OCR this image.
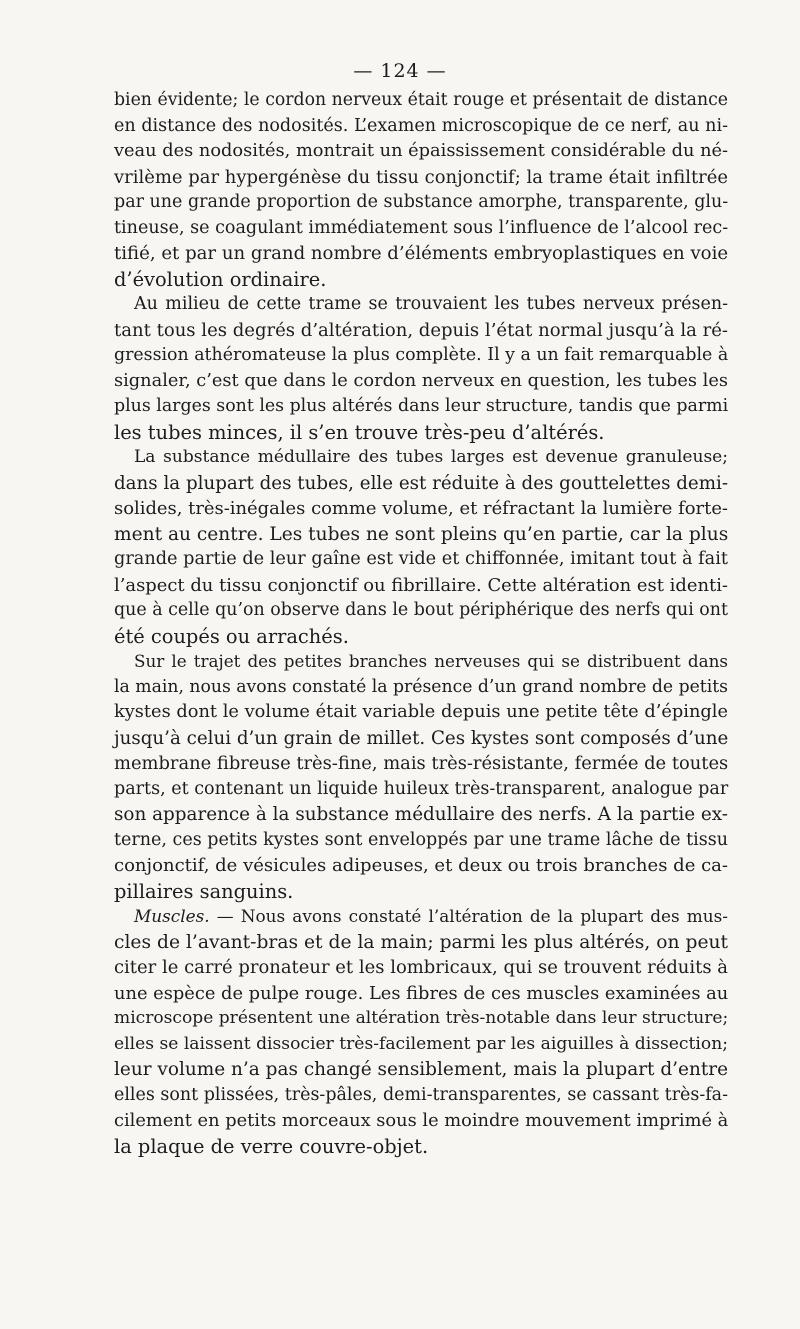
— 124 —

bien évidente; le cordon nerveux était rouge et présentait de distance
en distance des nodosités. L’examen microscopique de ce nerf, au ni-
veau des nodosités, montrait un épaississement considérable du né-
vrilème par hypergénèse du tissu conjonctif; la trame était infiltrée
par une grande proportion de substance amorphe, transparente, glu-
tineuse, se coagulant immédiatement sous l’influence de l’alcool rec-
tifié, et par un grand nombre d’éléments embryoplastiques en voie
d’évolution ordinaire.

Au milieu de cette trame se trouvaient les tubes nerveux présen-
tant tous les degrés d’altération, depuis l’état normal jusqu’à la ré-
gression athéromateuse la plus complète. Il y a un fait remarquable à
signaler, c’est que dans le cordon nerveux en question, les tubes les
plus larges sont les plus altérés dans leur structure, tandis que parmi
les tubes minces, il s’en trouve très-peu d’altérés.

La substance médullaire des tubes larges est devenue granuleuse;
dans la plupart des tubes, elle est réduite à des gouttelettes demi-
solides, très-inégales comme volume, et réfractant la lumière forte-
ment au centre. Les tubes ne sont pleins qu’en partie, car la plus
grande partie de leur gaîne est vide et chiffonnée, imitant tout à fait
l’aspect du tissu conjonctif ou fibrillaire. Cette altération est identi-
que à celle qu’on observe dans le bout périphérique des nerfs qui ont
été coupés ou arrachés.

Sur le trajet des petites branches nerveuses qui se distribuent dans
la main, nous avons constaté la présence d’un grand nombre de petits
kystes dont le volume était variable depuis une petite tête d’épingle
jusqu’à celui d’un grain de millet. Ces kystes sont composés d’une
membrane fibreuse très-fine, mais très-résistante, fermée de toutes
parts, et contenant un liquide huileux très-transparent, analogue par
son apparence à la substance médullaire des nerfs. A la partie ex-
terne, ces petits kystes sont enveloppés par une trame lâche de tissu
conjonctif, de vésicules adipeuses, et deux ou trois branches de ca-
pillaires sanguins.

Muscles. — Nous avons constaté l’altération de la plupart des mus-
cles de l’avant-bras et de la main; parmi les plus altérés, on peut
citer le carré pronateur et les lombricaux, qui se trouvent réduits à
une espèce de pulpe rouge. Les fibres de ces muscles examinées au
microscope présentent une altération très-notable dans leur structure;
elles se laissent dissocier très-facilement par les aiguilles à dissection;
leur volume n’a pas changé sensiblement, mais la plupart d’entre
elles sont plissées, très-pâles, demi-transparentes, se cassant très-fa-
cilement en petits morceaux sous le moindre mouvement imprimé à
la plaque de verre couvre-objet.
